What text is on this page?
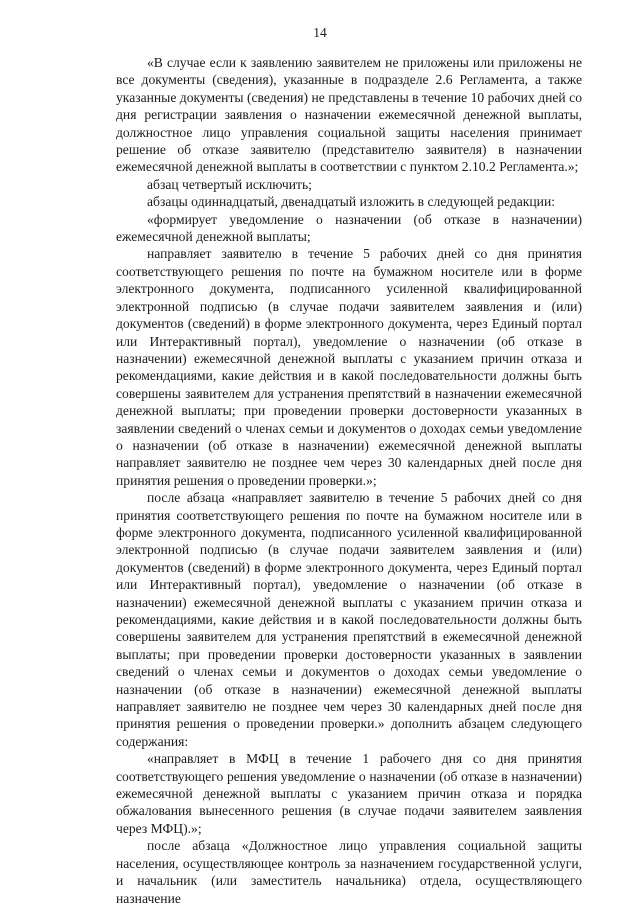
14

«В случае если к заявлению заявителем не приложены или приложены не все документы (сведения), указанные в подразделе 2.6 Регламента, а также указанные документы (сведения) не представлены в течение 10 рабочих дней со дня регистрации заявления о назначении ежемесячной денежной выплаты, должностное лицо управления социальной защиты населения принимает решение об отказе заявителю (представителю заявителя) в назначении ежемесячной денежной выплаты в соответствии с пунктом 2.10.2 Регламента.»;

абзац четвертый исключить;

абзацы одиннадцатый, двенадцатый изложить в следующей редакции:

«формирует уведомление о назначении (об отказе в назначении) ежемесячной денежной выплаты;

направляет заявителю в течение 5 рабочих дней со дня принятия соответствующего решения по почте на бумажном носителе или в форме электронного документа, подписанного усиленной квалифицированной электронной подписью (в случае подачи заявителем заявления и (или) документов (сведений) в форме электронного документа, через Единый портал или Интерактивный портал), уведомление о назначении (об отказе в назначении) ежемесячной денежной выплаты с указанием причин отказа и рекомендациями, какие действия и в какой последовательности должны быть совершены заявителем для устранения препятствий в назначении ежемесячной денежной выплаты; при проведении проверки достоверности указанных в заявлении сведений о членах семьи и документов о доходах семьи уведомление о назначении (об отказе в назначении) ежемесячной денежной выплаты направляет заявителю не позднее чем через 30 календарных дней после дня принятия решения о проведении проверки.»;

после абзаца «направляет заявителю в течение 5 рабочих дней со дня принятия соответствующего решения по почте на бумажном носителе или в форме электронного документа, подписанного усиленной квалифицированной электронной подписью (в случае подачи заявителем заявления и (или) документов (сведений) в форме электронного документа, через Единый портал или Интерактивный портал), уведомление о назначении (об отказе в назначении) ежемесячной денежной выплаты с указанием причин отказа и рекомендациями, какие действия и в какой последовательности должны быть совершены заявителем для устранения препятствий в ежемесячной денежной выплаты; при проведении проверки достоверности указанных в заявлении сведений о членах семьи и документов о доходах семьи уведомление о назначении (об отказе в назначении) ежемесячной денежной выплаты направляет заявителю не позднее чем через 30 календарных дней после дня принятия решения о проведении проверки.» дополнить абзацем следующего содержания:

«направляет в МФЦ в течение 1 рабочего дня со дня принятия соответствующего решения уведомление о назначении (об отказе в назначении) ежемесячной денежной выплаты с указанием причин отказа и порядка обжалования вынесенного решения (в случае подачи заявителем заявления через МФЦ).»;

после абзаца «Должностное лицо управления социальной защиты населения, осуществляющее контроль за назначением государственной услуги, и начальник (или заместитель начальника) отдела, осуществляющего назначение
